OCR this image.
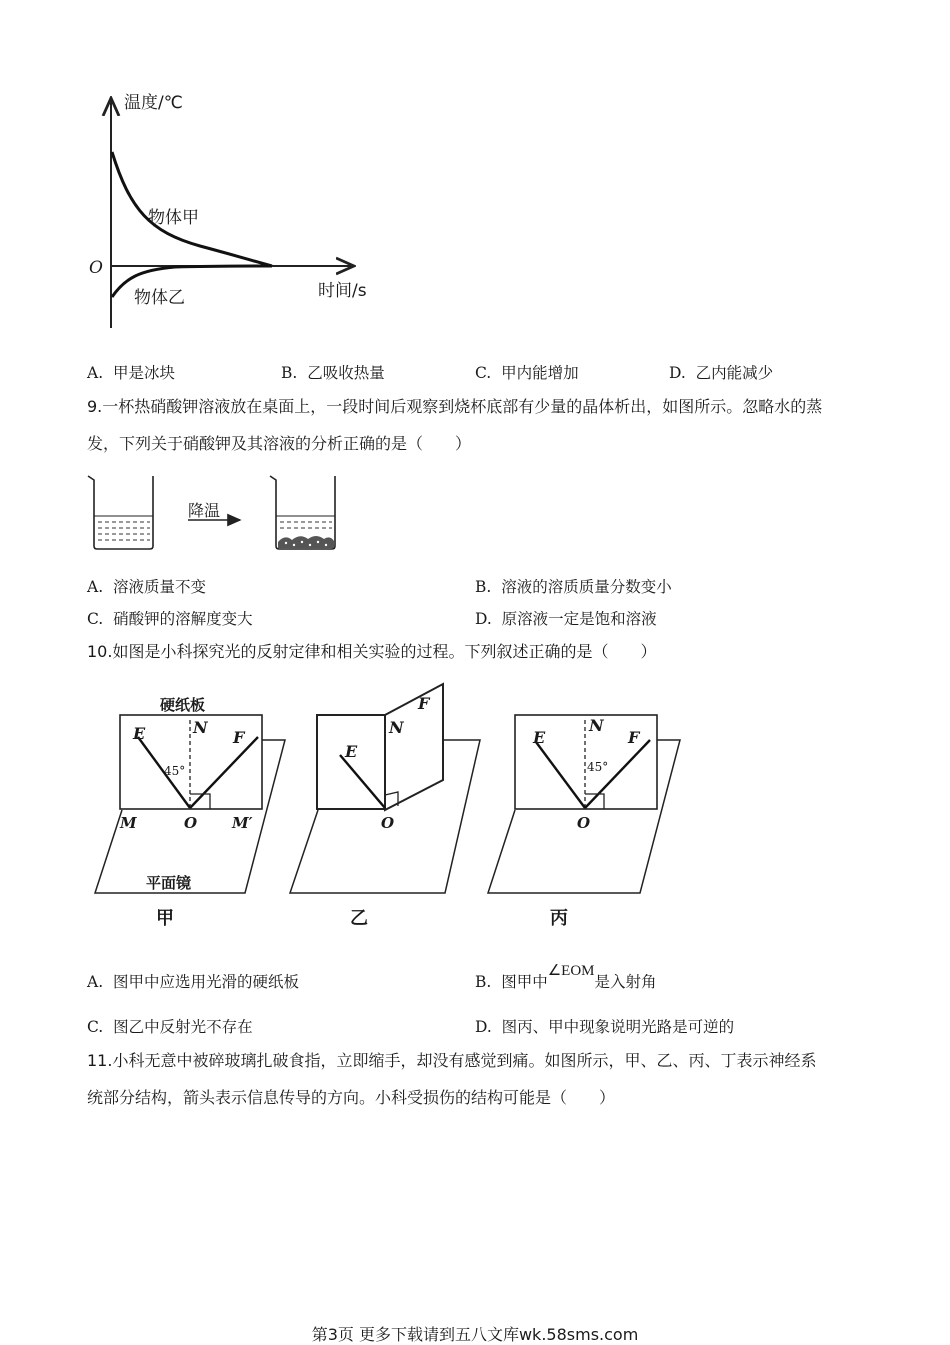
温度/℃
时间/s
O
物体甲
物体乙
A. 甲是冰块	B. 乙吸收热量	C. 甲内能增加	D. 乙内能减少
9.一杯热硝酸钾溶液放在桌面上，一段时间后观察到烧杯底部有少量的晶体析出，如图所示。忽略水的蒸
发，下列关于硝酸钾及其溶液的分析正确的是（　　）
降温
A. 溶液质量不变	B. 溶液的溶质质量分数变小
C. 硝酸钾的溶解度变大	D. 原溶液一定是饱和溶液
10.如图是小科探究光的反射定律和相关实验的过程。下列叙述正确的是（　　）
硬纸板
E	N
F
45°
M	O M′
平面镜
甲
E
N
F
O
乙
E
N
F
45°
O
丙
A. 图甲中应选用光滑的硬纸板	B. 图甲中∠EOM是入射角
C. 图乙中反射光不存在	D. 图丙、甲中现象说明光路是可逆的
11.小科无意中被碎玻璃扎破食指，立即缩手，却没有感觉到痛。如图所示，甲、乙、丙、丁表示神经系
统部分结构，箭头表示信息传导的方向。小科受损伤的结构可能是（　　）
第3页 更多下载请到五八文库wk.58sms.com
